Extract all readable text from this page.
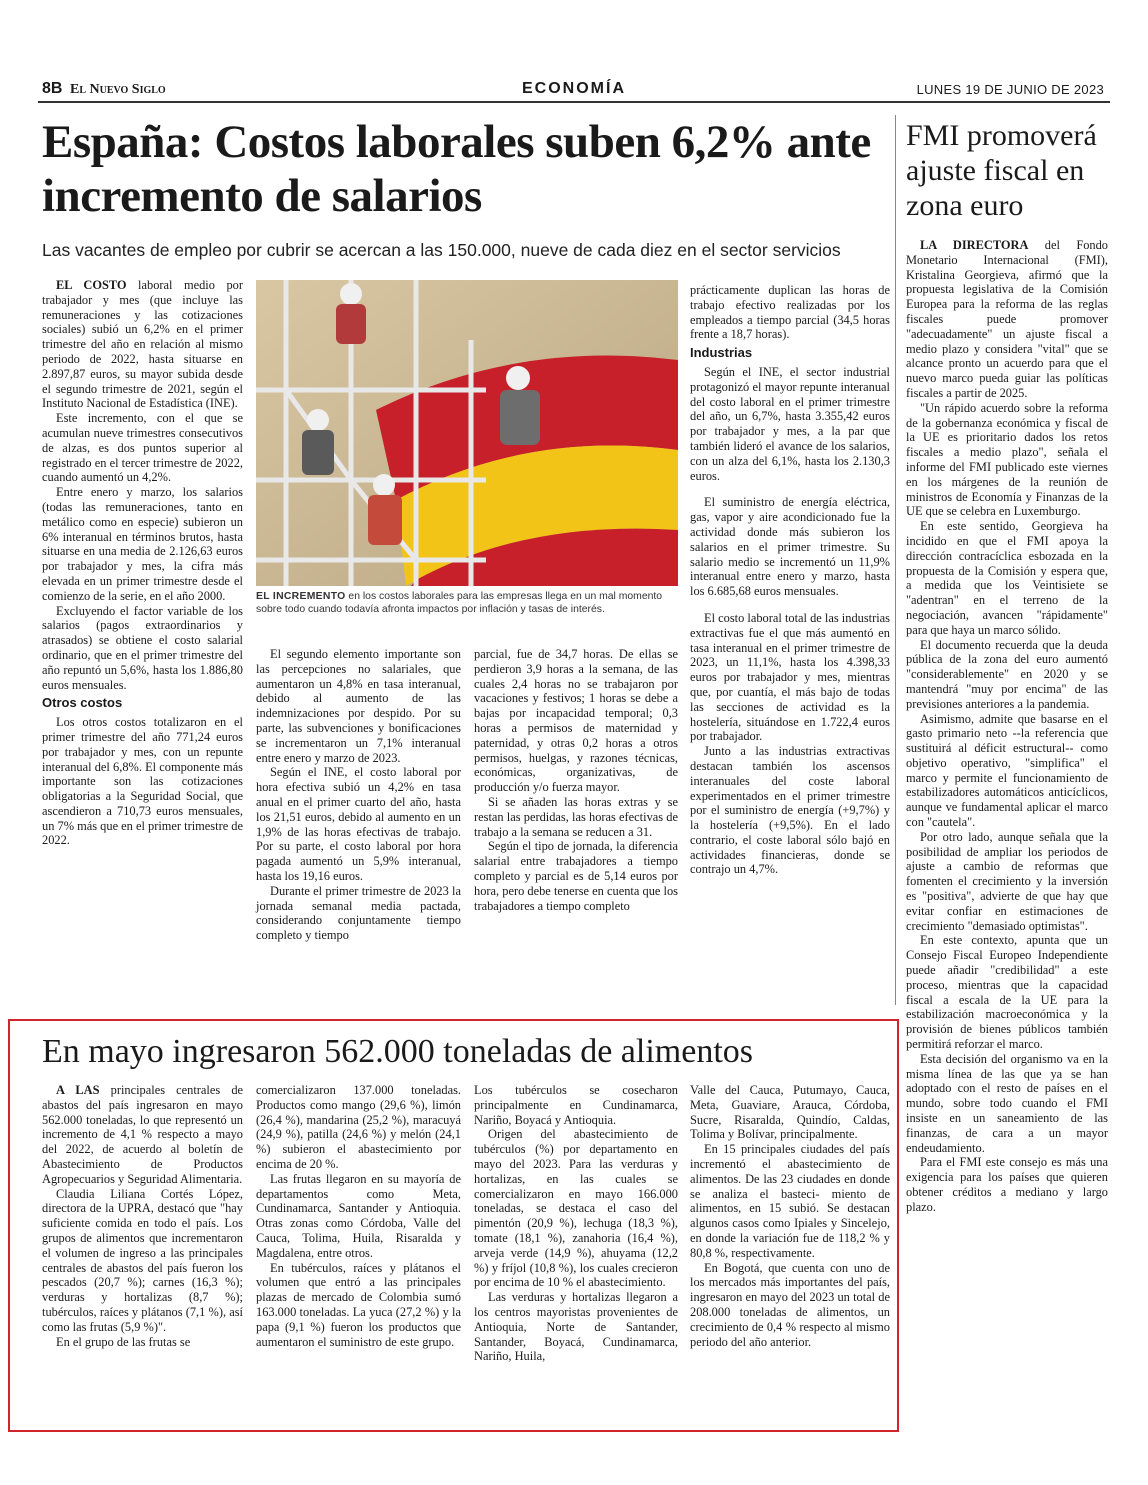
8B El Nuevo Siglo	ECONOMÍA	LUNES 19 DE JUNIO DE 2023
España: Costos laborales suben 6,2% ante incremento de salarios
Las vacantes de empleo por cubrir se acercan a las 150.000, nueve de cada diez en el sector servicios

EL COSTO laboral medio por trabajador y mes (que incluye las remuneraciones y las cotizaciones sociales) subió un 6,2% en el primer trimestre del año en relación al mismo periodo de 2022, hasta situarse en 2.897,87 euros, su mayor subida desde el segundo trimestre de 2021, según el Instituto Nacional de Estadística (INE).

Este incremento, con el que se acumulan nueve trimestres consecutivos de alzas, es dos puntos superior al registrado en el tercer trimestre de 2022, cuando aumentó un 4,2%.

Entre enero y marzo, los salarios (todas las remuneraciones, tanto en metálico como en especie) subieron un 6% interanual en términos brutos, hasta situarse en una media de 2.126,63 euros por trabajador y mes, la cifra más elevada en un primer trimestre desde el comienzo de la serie, en el año 2000.

Excluyendo el factor variable de los salarios (pagos extraordinarios y atrasados) se obtiene el costo salarial ordinario, que en el primer trimestre del año repuntó un 5,6%, hasta los 1.886,80 euros mensuales.

Otros costos

Los otros costos totalizaron en el primer trimestre del año 771,24 euros por trabajador y mes, con un repunte interanual del 6,8%. El componente más importante son las cotizaciones obligatorias a la Seguridad Social, que ascendieron a 710,73 euros mensuales, un 7% más que en el primer trimestre de 2022.

EL INCREMENTO en los costos laborales para las empresas llega en un mal momento sobre todo cuando todavía afronta impactos por inflación y tasas de interés.

El segundo elemento importante son las percepciones no salariales, que aumentaron un 4,8% en tasa interanual, debido al aumento de las indemnizaciones por despido. Por su parte, las subvenciones y bonificaciones se incrementaron un 7,1% interanual entre enero y marzo de 2023.

Según el INE, el costo laboral por hora efectiva subió un 4,2% en tasa anual en el primer cuarto del año, hasta los 21,51 euros, debido al aumento en un 1,9% de las horas efectivas de trabajo. Por su parte, el costo laboral por hora pagada aumentó un 5,9% interanual, hasta los 19,16 euros.

Durante el primer trimestre de 2023 la jornada semanal media pactada, considerando conjuntamente tiempo completo y tiempo

parcial, fue de 34,7 horas. De ellas se perdieron 3,9 horas a la semana, de las cuales 2,4 horas no se trabajaron por vacaciones y festivos; 1 horas se debe a bajas por incapacidad temporal; 0,3 horas a permisos de maternidad y paternidad, y otras 0,2 horas a otros permisos, huelgas, y razones técnicas, económicas, organizativas, de producción y/o fuerza mayor.

Si se añaden las horas extras y se restan las perdidas, las horas efectivas de trabajo a la semana se reducen a 31.

Según el tipo de jornada, la diferencia salarial entre trabajadores a tiempo completo y parcial es de 5,14 euros por hora, pero debe tenerse en cuenta que los trabajadores a tiempo completo

prácticamente duplican las horas de trabajo efectivo realizadas por los empleados a tiempo parcial (34,5 horas frente a 18,7 horas).

Industrias

Según el INE, el sector industrial protagonizó el mayor repunte interanual del costo laboral en el primer trimestre del año, un 6,7%, hasta 3.355,42 euros por trabajador y mes, a la par que también lideró el avance de los salarios, con un alza del 6,1%, hasta los 2.130,3 euros.

El suministro de energía eléctrica, gas, vapor y aire acondicionado fue la actividad donde más subieron los salarios en el primer trimestre. Su salario medio se incrementó un 11,9% interanual entre enero y marzo, hasta los 6.685,68 euros mensuales.

El costo laboral total de las industrias extractivas fue el que más aumentó en tasa interanual en el primer trimestre de 2023, un 11,1%, hasta los 4.398,33 euros por trabajador y mes, mientras que, por cuantía, el más bajo de todas las secciones de actividad es la hostelería, situándose en 1.722,4 euros por trabajador.

Junto a las industrias extractivas destacan también los ascensos interanuales del coste laboral experimentados en el primer trimestre por el suministro de energía (+9,7%) y la hostelería (+9,5%). En el lado contrario, el coste laboral sólo bajó en actividades financieras, donde se contrajo un 4,7%.

FMI promoverá ajuste fiscal en zona euro

LA DIRECTORA del Fondo Monetario Internacional (FMI), Kristalina Georgieva, afirmó que la propuesta legislativa de la Comisión Europea para la reforma de las reglas fiscales puede promover "adecuadamente" un ajuste fiscal a medio plazo y considera "vital" que se alcance pronto un acuerdo para que el nuevo marco pueda guiar las políticas fiscales a partir de 2025.

"Un rápido acuerdo sobre la reforma de la gobernanza económica y fiscal de la UE es prioritario dados los retos fiscales a medio plazo", señala el informe del FMI publicado este viernes en los márgenes de la reunión de ministros de Economía y Finanzas de la UE que se celebra en Luxemburgo.

En este sentido, Georgieva ha incidido en que el FMI apoya la dirección contracíclica esbozada en la propuesta de la Comisión y espera que, a medida que los Veintisiete se "adentran" en el terreno de la negociación, avancen "rápidamente" para que haya un marco sólido.

El documento recuerda que la deuda pública de la zona del euro aumentó "considerablemente" en 2020 y se mantendrá "muy por encima" de las previsiones anteriores a la pandemia.

Asimismo, admite que basarse en el gasto primario neto --la referencia que sustituirá al déficit estructural-- como objetivo operativo, "simplifica" el marco y permite el funcionamiento de estabilizadores automáticos anticíclicos, aunque ve fundamental aplicar el marco con "cautela".

Por otro lado, aunque señala que la posibilidad de ampliar los periodos de ajuste a cambio de reformas que fomenten el crecimiento y la inversión es "positiva", advierte de que hay que evitar confiar en estimaciones de crecimiento "demasiado optimistas".

En este contexto, apunta que un Consejo Fiscal Europeo Independiente puede añadir "credibilidad" a este proceso, mientras que la capacidad fiscal a escala de la UE para la estabilización macroeconómica y la provisión de bienes públicos también permitirá reforzar el marco.

Esta decisión del organismo va en la misma línea de las que ya se han adoptado con el resto de países en el mundo, sobre todo cuando el FMI insiste en un saneamiento de las finanzas, de cara a un mayor endeudamiento.

Para el FMI este consejo es más una exigencia para los países que quieren obtener créditos a mediano y largo plazo.

En mayo ingresaron 562.000 toneladas de alimentos

A LAS principales centrales de abastos del país ingresaron en mayo 562.000 toneladas, lo que representó un incremento de 4,1 % respecto a mayo del 2022, de acuerdo al boletín de Abastecimiento de Productos Agropecuarios y Seguridad Alimentaria.

Claudia Liliana Cortés López, directora de la UPRA, destacó que "hay suficiente comida en todo el país. Los grupos de alimentos que incrementaron el volumen de ingreso a las principales centrales de abastos del país fueron los pescados (20,7 %); carnes (16,3 %); verduras y hortalizas (8,7 %); tubérculos, raíces y plátanos (7,1 %), así como las frutas (5,9 %)".

En el grupo de las frutas se

comercializaron 137.000 toneladas. Productos como mango (29,6 %), limón (26,4 %), mandarina (25,2 %), maracuyá (24,9 %), patilla (24,6 %) y melón (24,1 %) subieron el abastecimiento por encima de 20 %.

Las frutas llegaron en su mayoría de departamentos como Meta, Cundinamarca, Santander y Antioquia. Otras zonas como Córdoba, Valle del Cauca, Tolima, Huila, Risaralda y Magdalena, entre otros.

En tubérculos, raíces y plátanos el volumen que entró a las principales plazas de mercado de Colombia sumó 163.000 toneladas. La yuca (27,2 %) y la papa (9,1 %) fueron los productos que aumentaron el suministro de este grupo.

Los tubérculos se cosecharon principalmente en Cundinamarca, Nariño, Boyacá y Antioquia.

Origen del abastecimiento de tubérculos (%) por departamento en mayo del 2023. Para las verduras y hortalizas, en las cuales se comercializaron en mayo 166.000 toneladas, se destaca el caso del pimentón (20,9 %), lechuga (18,3 %), tomate (18,1 %), zanahoria (16,4 %), arveja verde (14,9 %), ahuyama (12,2 %) y fríjol (10,8 %), los cuales crecieron por encima de 10 % el abastecimiento.

Las verduras y hortalizas llegaron a los centros mayoristas provenientes de Antioquia, Norte de Santander, Santander, Boyacá, Cundinamarca, Nariño, Huila,

Valle del Cauca, Putumayo, Cauca, Meta, Guaviare, Arauca, Córdoba, Sucre, Risaralda, Quindío, Caldas, Tolima y Bolívar, principalmente.

En 15 principales ciudades del país incrementó el abastecimiento de alimentos. De las 23 ciudades en donde se analiza el basteci- miento de alimentos, en 15 subió. Se destacan algunos casos como Ipiales y Sincelejo, en donde la variación fue de 118,2 % y 80,8 %, respectivamente.

En Bogotá, que cuenta con uno de los mercados más importantes del país, ingresaron en mayo del 2023 un total de 208.000 toneladas de alimentos, un crecimiento de 0,4 % respecto al mismo periodo del año anterior.
